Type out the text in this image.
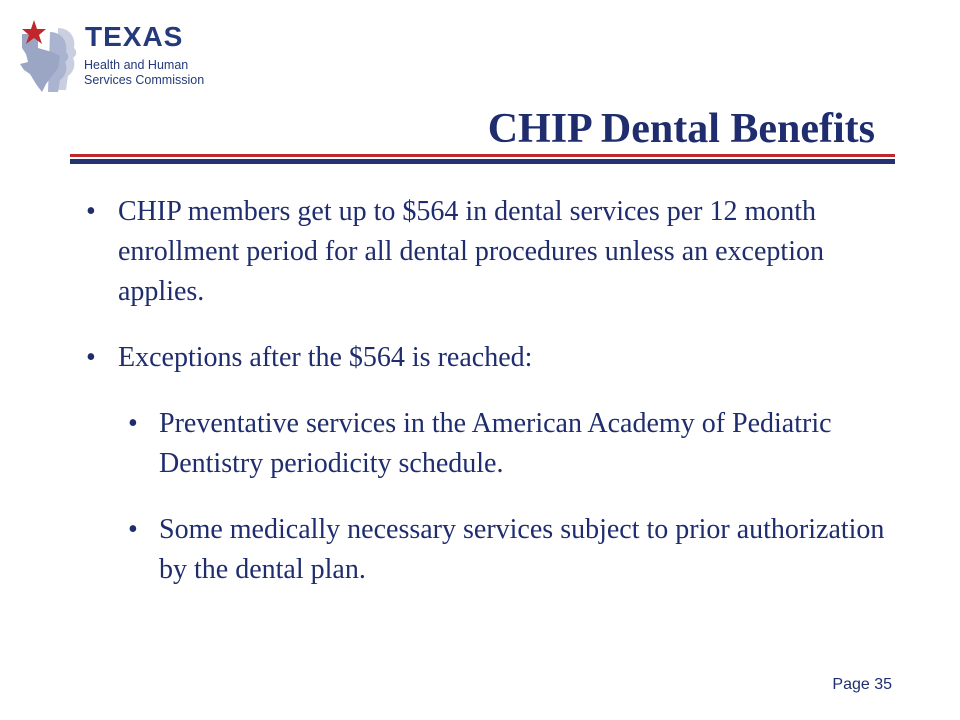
TEXAS
Health and Human
Services Commission
CHIP Dental Benefits
• CHIP members get up to $564 in dental services per 12 month enrollment period for all dental procedures unless an exception applies.
• Exceptions after the $564 is reached:
• Preventative services in the American Academy of Pediatric Dentistry periodicity schedule.
• Some medically necessary services subject to prior authorization by the dental plan.
Page 35
